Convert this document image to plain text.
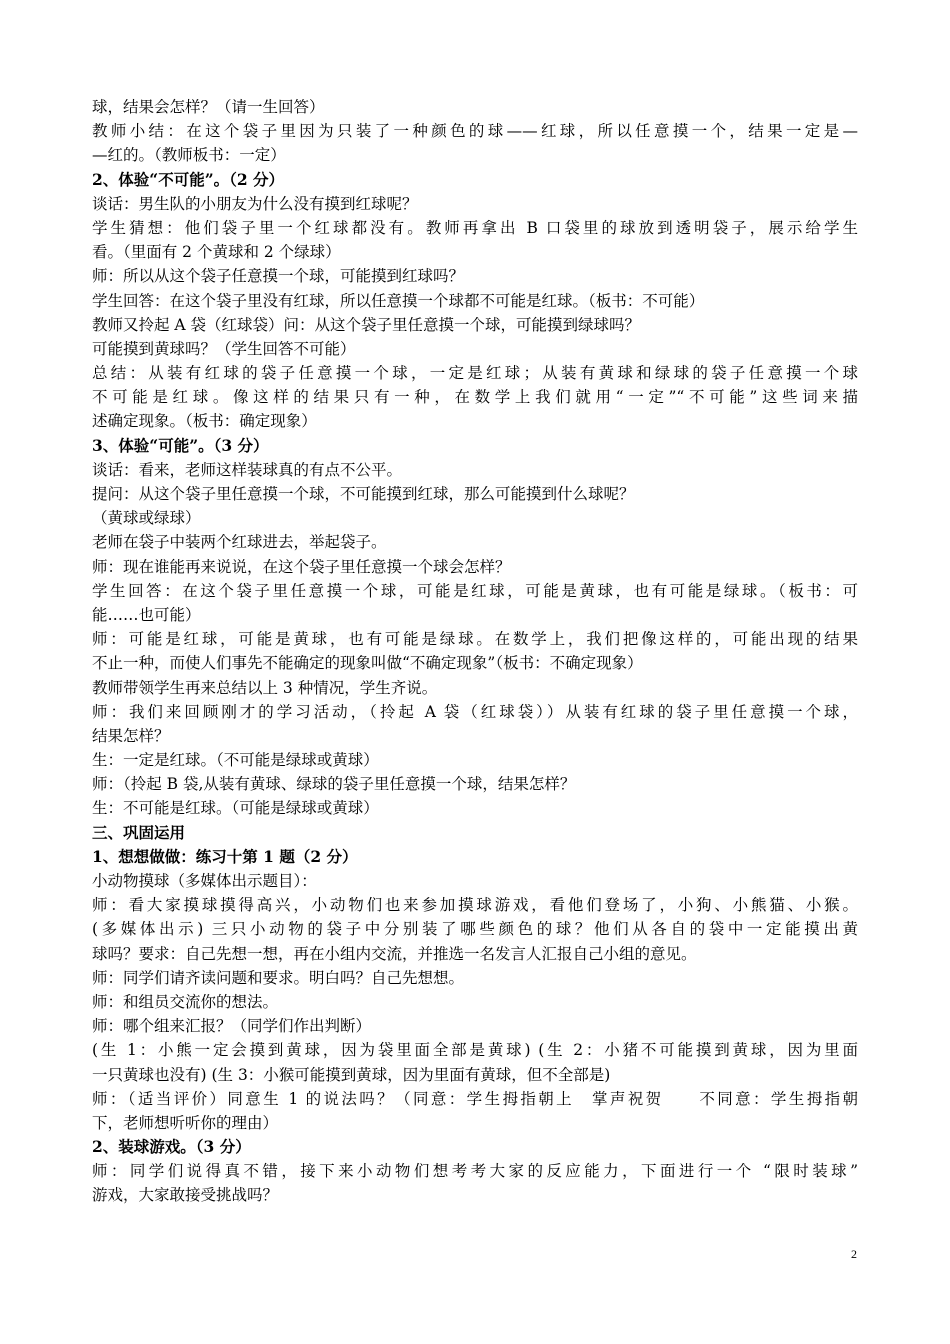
球，结果会怎样？（请一生回答）
教师小结：在这个袋子里因为只装了一种颜色的球——红球，所以任意摸一个，结果一定是—
—红的。（教师板书：一定）
2、体验“不可能”。（2 分）
谈话：男生队的小朋友为什么没有摸到红球呢？
学生猜想：他们袋子里一个红球都没有。教师再拿出 B 口袋里的球放到透明袋子，展示给学生
看。（里面有 2 个黄球和 2 个绿球）
师：所以从这个袋子任意摸一个球，可能摸到红球吗？
学生回答：在这个袋子里没有红球，所以任意摸一个球都不可能是红球。（板书：不可能）
教师又拎起 A 袋（红球袋）问：从这个袋子里任意摸一个球，可能摸到绿球吗？
可能摸到黄球吗？（学生回答不可能）
总结：从装有红球的袋子任意摸一个球，一定是红球；从装有黄球和绿球的袋子任意摸一个球
不可能是红球。像这样的结果只有一种，在数学上我们就用“一定”“不可能”这些词来描
述确定现象。（板书：确定现象）
3、体验“可能”。（3 分）
谈话：看来，老师这样装球真的有点不公平。
提问：从这个袋子里任意摸一个球，不可能摸到红球，那么可能摸到什么球呢？
（黄球或绿球）
老师在袋子中装两个红球进去，举起袋子。
师：现在谁能再来说说，在这个袋子里任意摸一个球会怎样？
学生回答：在这个袋子里任意摸一个球，可能是红球，可能是黄球，也有可能是绿球。（板书：可
能……也可能）
师：可能是红球，可能是黄球，也有可能是绿球。在数学上，我们把像这样的，可能出现的结果
不止一种，而使人们事先不能确定的现象叫做“不确定现象”（板书：不确定现象）
教师带领学生再来总结以上 3 种情况，学生齐说。
师：我们来回顾刚才的学习活动，（拎起 A 袋（红球袋））从装有红球的袋子里任意摸一个球，
结果怎样？
生：一定是红球。（不可能是绿球或黄球）
师：（拎起 B 袋,从装有黄球、绿球的袋子里任意摸一个球，结果怎样？
生：不可能是红球。（可能是绿球或黄球）
三、巩固运用
1、想想做做：练习十第 1 题（2 分）
小动物摸球（多媒体出示题目）：
师：看大家摸球摸得高兴，小动物们也来参加摸球游戏，看他们登场了，小狗、小熊猫、小猴。
(多媒体出示) 三只小动物的袋子中分别装了哪些颜色的球？他们从各自的袋中一定能摸出黄
球吗？要求：自己先想一想，再在小组内交流，并推选一名发言人汇报自己小组的意见。
师：同学们请齐读问题和要求。明白吗？自己先想想。
师：和组员交流你的想法。
师：哪个组来汇报？（同学们作出判断）
(生 1：小熊一定会摸到黄球，因为袋里面全部是黄球) (生 2：小猪不可能摸到黄球，因为里面
一只黄球也没有) (生 3：小猴可能摸到黄球，因为里面有黄球，但不全部是)
师：（适当评价）同意生 1 的说法吗？（同意：学生拇指朝上　掌声祝贺　　不同意：学生拇指朝
下，老师想听听你的理由）
2、装球游戏。（3 分）
师：同学们说得真不错，接下来小动物们想考考大家的反应能力，下面进行一个 “限时装球”
游戏，大家敢接受挑战吗？
2
